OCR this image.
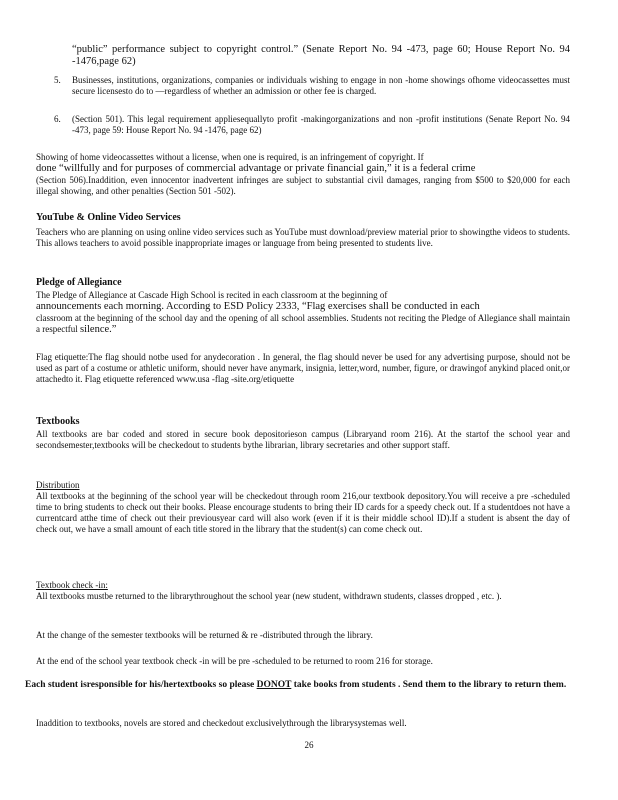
“public” performance subject to copyright control.” (Senate Report No. 94 -473, page 60; House Report No. 94 -1476,page 62)
5.	Businesses, institutions, organizations, companies or individuals wishing to engage in non -home showings ofhome videocassettes must secure licensesto do to —regardless of whether an admission or other fee is charged.
6.	(Section 501). This legal requirement appliesequallyto profit -makingorganizations and non -profit institutions (Senate Report No. 94 -473, page 59: House Report No. 94 -1476, page 62)
Showing of home videocassettes without a license, when one is required, is an infringement of copyright. If
done “willfully and for purposes of commercial advantage or private financial gain,” it is a federal crime
(Section 506).Inaddition, even innocentor inadvertent infringes are subject to substantial civil damages, ranging from $500 to $20,000 for each illegal showing, and other penalties (Section 501 -502).
YouTube & Online Video Services
Teachers who are planning on using online video services such as YouTube must download/preview material prior to showingthe videos to students. This allows teachers to avoid possible inappropriate images or language from being presented to students live.
Pledge of Allegiance
The Pledge of Allegiance at Cascade High School is recited in each classroom at the beginning of
announcements each morning. According to ESD Policy 2333, “Flag exercises shall be conducted in each
classroom at the beginning of the school day and the opening of all school assemblies. Students not reciting the Pledge of Allegiance shall maintain a respectful silence.”
Flag etiquette:The flag should notbe used for anydecoration . In general, the flag should never be used for any advertising purpose, should not be used as part of a costume or athletic uniform, should never have anymark, insignia, letter,word, number, figure, or drawingof anykind placed onit,or attachedto it. Flag etiquette referenced www.usa -flag -site.org/etiquette
Textbooks
All textbooks are bar coded and stored in secure book depositorieson campus (Libraryand room 216). At the startof the school year and secondsemester,textbooks will be checkedout to students bythe librarian, library secretaries and other support staff.
Distribution
All textbooks at the beginning of the school year will be checkedout through room 216,our textbook depository.You will receive a pre -scheduled time to bring students to check out their books. Please encourage students to bring their ID cards for a speedy check out. If a studentdoes not have a currentcard atthe time of check out their previousyear card will also work (even if it is their middle school ID).If a student is absent the day of check out, we have a small amount of each title stored in the library that the student(s) can come check out.
Textbook check -in:
All textbooks mustbe returned to the librarythroughout the school year (new student, withdrawn students, classes dropped , etc. ).
At the change of the semester textbooks will be returned & re -distributed through the library.
At the end of the school year textbook check -in will be pre -scheduled to be returned to room 216 for storage.
Each student isresponsible for his/hertextbooks so please DONOT take books from students . Send them to the library to return them.
Inaddition to textbooks, novels are stored and checkedout exclusivelythrough the librarysystemas well.
26
